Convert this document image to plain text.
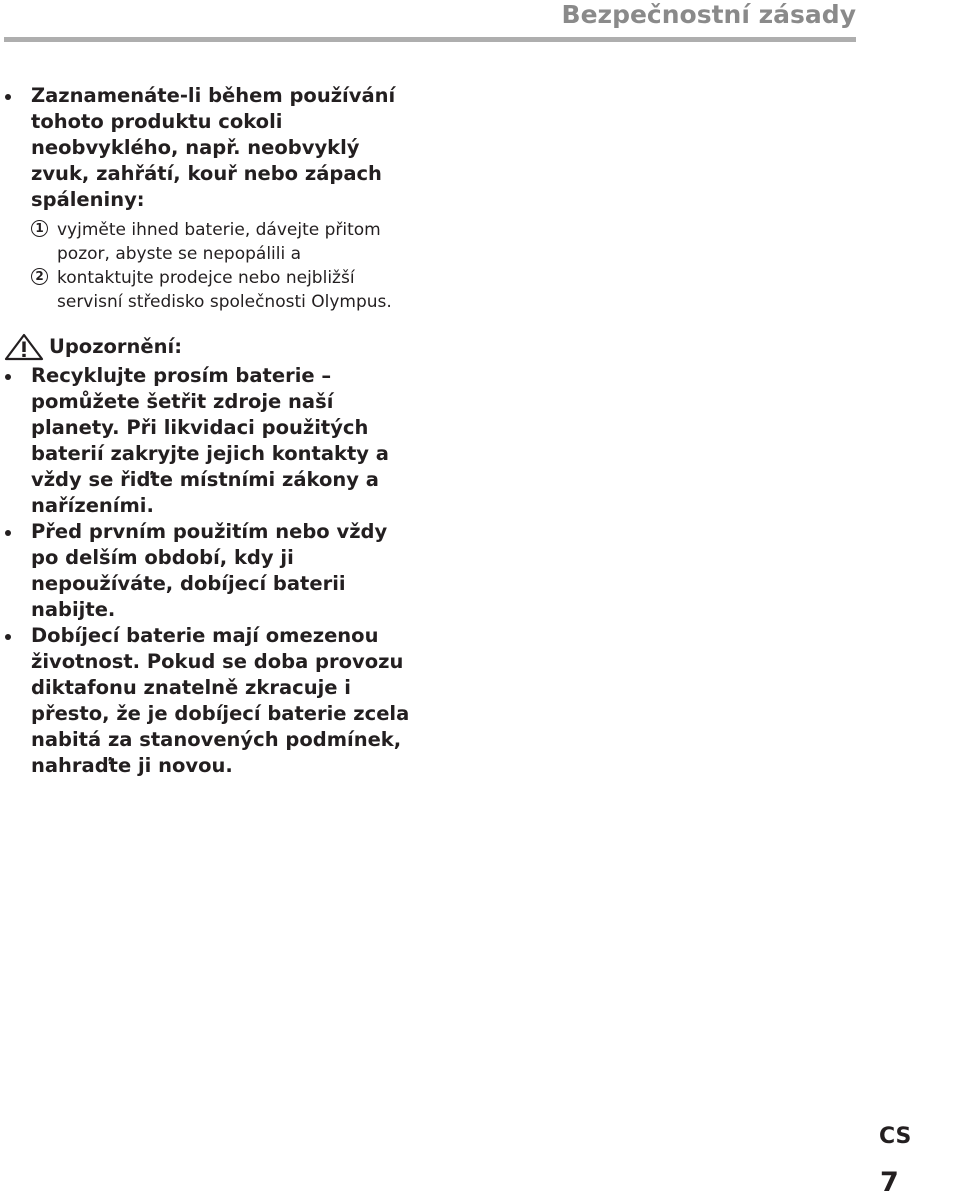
Bezpečnostní zásady
Zaznamenáte-li během používání tohoto produktu cokoli neobvyklého, např. neobvyklý zvuk, zahřátí, kouř nebo zápach spáleniny:
1 vyjměte ihned baterie, dávejte přitom pozor, abyste se nepopálili a
2 kontaktujte prodejce nebo nejbližší servisní středisko společnosti Olympus.
Upozornění:
Recyklujte prosím baterie – pomůžete šetřit zdroje naší planety. Při likvidaci použitých baterií zakryjte jejich kontakty a vždy se řiďte místními zákony a nařízeními.
Před prvním použitím nebo vždy po delším období, kdy ji nepoužíváte, dobíjecí baterii nabijte.
Dobíjecí baterie mají omezenou životnost. Pokud se doba provozu diktafonu znatelně zkracuje i přesto, že je dobíjecí baterie zcela nabitá za stanovených podmínek, nahraďte ji novou.
CS
7
